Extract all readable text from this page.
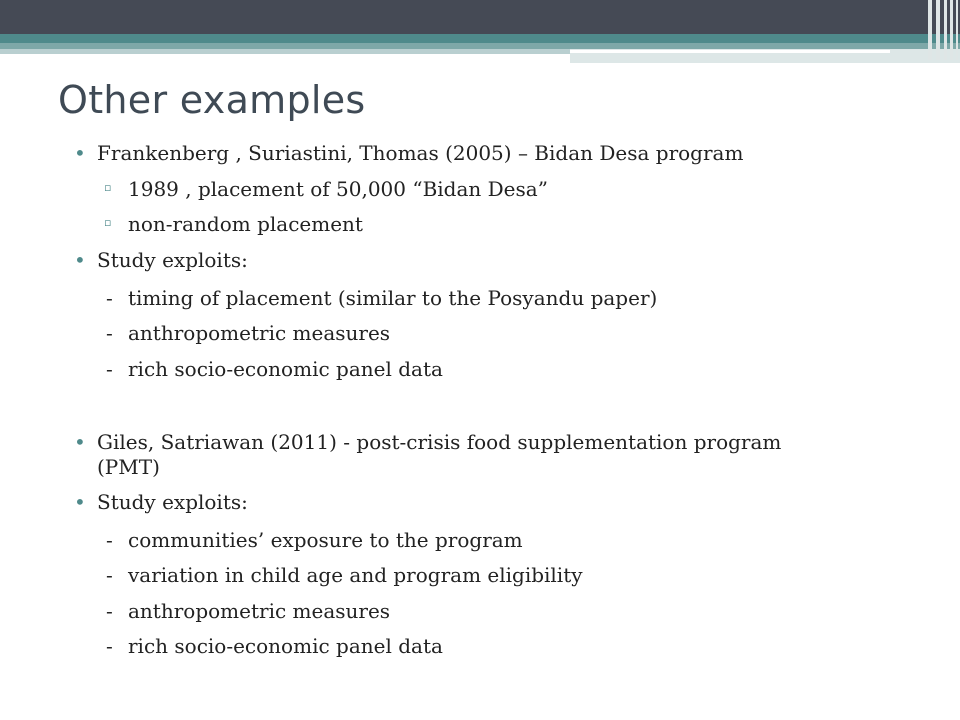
Other examples
• Frankenberg , Suriastini, Thomas (2005) – Bidan Desa program
▫ 1989 , placement of 50,000 “Bidan Desa”
▫ non-random placement
• Study exploits:
- timing of placement (similar to the Posyandu paper)
- anthropometric measures
- rich socio-economic panel data
• Giles, Satriawan (2011) - post-crisis food supplementation program
(PMT)
• Study exploits:
- communities’ exposure to the program
- variation in child age and program eligibility
- anthropometric measures
- rich socio-economic panel data
